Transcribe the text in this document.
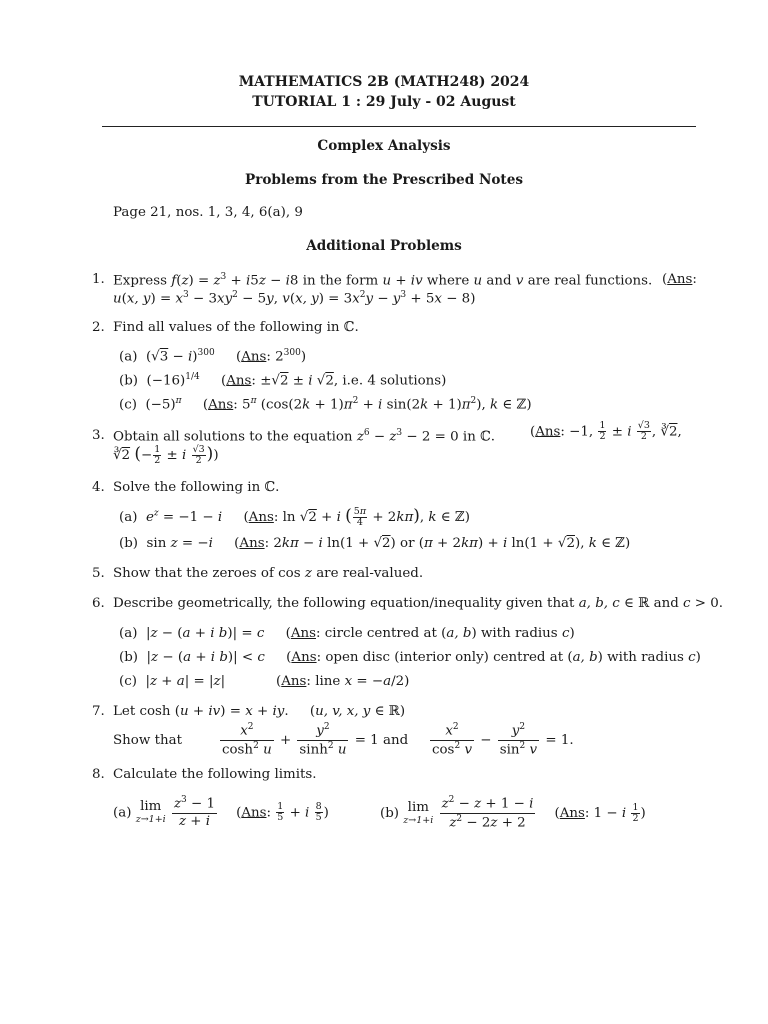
MATHEMATICS 2B (MATH248) 2024
TUTORIAL 1 : 29 July - 02 August
Complex Analysis
Problems from the Prescribed Notes
Page 21, nos. 1, 3, 4, 6(a), 9
Additional Problems
1. Express $f(z) = z^3 + i5z - i8$ in the form u + iv where u and v are real functions. (Ans:
u(x, $y) = x^3 - 3xy^2 - 5y$, v(x, $y) = 3x^2y - y^3 + 5x - 8$)
2. Find all values of the following in ℂ.
(a)  $(√3 - i)^{300}$     (Ans: $2^{300}$)
(b)  $(-16)^{1/4}$     (Ans: ±√2 ± i √2, i.e. 4 solutions)
(c)  $(-5)^\pi$     (Ans: $5^\pi$ ($\cos(2k + 1)\pi^2 + i$ $\sin(2k + 1)\pi^2$), k ∈ ℤ)
3. Obtain all solutions to the equation $z^6 - z^3 - 2 = 0$ in ℂ.	(Ans: −1, $\frac{1}{2} \pm i \frac{√3}{2}$ , ∛2,
∛2 (− $\frac{1}{2} \pm i \frac{√3}{2}$ ))
4. Solve the following in ℂ.
(a)  $e^z = -1 - i$     (Ans: ln √2 + i ( $\frac{5\pi}{4} + 2k\pi$), k ∈ ℤ)
(b)  sin z = −i     (Ans: 2kπ − i ln(1 + √2) or (π + 2kπ) + i ln(1 + √2), k ∈ ℤ)
5. Show that the zeroes of cos z are real-valued.
6. Describe geometrically, the following equation/inequality given that a, b, c ∈ ℝ and c > 0.
(a)  |z − (a + i b)| = c     (Ans: circle centred at (a, b) with radius c)
(b)  |z − (a + i b)| < c     (Ans: open disc (interior only) centred at (a, b) with radius c)
(c)  |z + a| = |z|	(Ans: line x = −a/2)
7. Let cosh (u + iv) = x + iy.     (u, v, x, y ∈ ℝ)
Show that	$\frac{x^2}{\cosh^2 u} + \frac{y^2}{\sinh^2 u} = 1$ and $\frac{x^2}{\cos^2 v} - \frac{y^2}{\sin^2 v} = 1$.
8. Calculate the following limits.
(a) lim
z→1+i
$\frac{z^3 - 1}{z + i} (Ans$: $\frac{1}{5} + i \frac{8}{5}$ )	(b) lim
z→1+i
$\frac{z^2 - z + 1 - i}{z^2 - 2z + 2} (Ans$: 1 − i $\frac{1}{2}$ )
